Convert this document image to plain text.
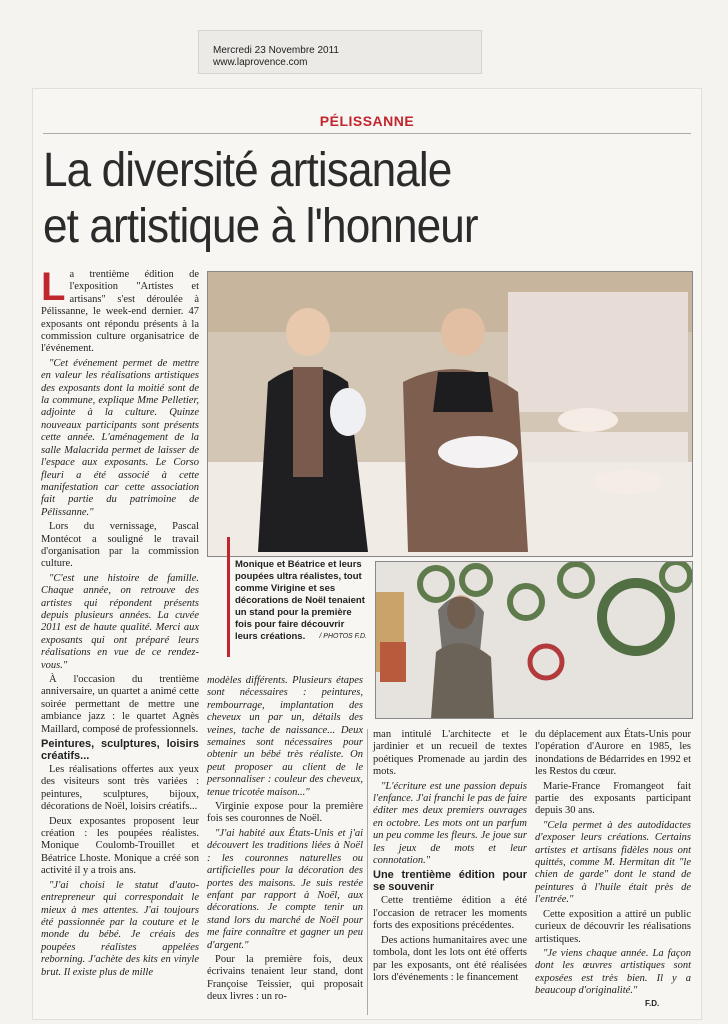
Mercredi 23 Novembre 2011
www.laprovence.com
PÉLISSANNE
La diversité artisanale
et artistique à l'honneur

La trentième édition de l'exposition "Artistes et artisans" s'est déroulée à Pélissanne, le week-end dernier. 47 exposants ont répondu présents à la commission culture organisatrice de l'événement.

"Cet événement permet de mettre en valeur les réalisations artistiques des exposants dont la moitié sont de la commune, explique Mme Pelletier, adjointe à la culture. Quinze nouveaux participants sont présents cette année. L'aménagement de la salle Malacrida permet de laisser de l'espace aux exposants. Le Corso fleuri a été associé à cette manifestation car cette association fait partie du patrimoine de Pélissanne."

Lors du vernissage, Pascal Montécot a souligné le travail d'organisation par la commission culture.

"C'est une histoire de famille. Chaque année, on retrouve des artistes qui répondent présents depuis plusieurs années. La cuvée 2011 est de haute qualité. Merci aux exposants qui ont préparé leurs réalisations en vue de ce rendez-vous."

À l'occasion du trentième anniversaire, un quartet a animé cette soirée permettant de mettre une ambiance jazz : le quartet Agnès Maillard, composé de professionnels.

Peintures, sculptures, loisirs créatifs...

Les réalisations offertes aux yeux des visiteurs sont très variées : peintures, sculptures, bijoux, décorations de Noël, loisirs créatifs...

Deux exposantes proposent leur création : les poupées réalistes. Monique Coulomb-Trouillet et Béatrice Lhoste. Monique a créé son activité il y a trois ans.

"J'ai choisi le statut d'auto-entrepreneur qui correspondait le mieux à mes attentes. J'ai toujours été passionnée par la couture et le monde du bébé. Je créais des poupées réalistes appelées reborning. J'achète des kits en vinyle brut. Il existe plus de mille

Monique et Béatrice et leurs poupées ultra réalistes, tout comme Virigine et ses décorations de Noël tenaient un stand pour la première fois pour faire découvrir leurs créations. / PHOTOS F.D.

modèles différents. Plusieurs étapes sont nécessaires : peintures, rembourrage, implantation des cheveux un par un, détails des veines, tache de naissance... Deux semaines sont nécessaires pour obtenir un bébé très réaliste. On peut proposer au client de le personnaliser : couleur des cheveux, tenue tricotée maison..."

Virginie expose pour la première fois ses couronnes de Noël.

"J'ai habité aux États-Unis et j'ai découvert les traditions liées à Noël : les couronnes naturelles ou artificielles pour la décoration des portes des maisons. Je suis restée enfant par rapport à Noël, aux décorations. Je compte tenir un stand lors du marché de Noël pour me faire connaître et gagner un peu d'argent."

Pour la première fois, deux écrivains tenaient leur stand, dont Françoise Teissier, qui proposait deux livres : un ro-

man intitulé L'architecte et le jardinier et un recueil de textes poétiques Promenade au jardin des mots.

"L'écriture est une passion depuis l'enfance. J'ai franchi le pas de faire éditer mes deux premiers ouvrages en octobre. Les mots ont un parfum un peu comme les fleurs. Je joue sur les jeux de mots et leur connotation."

Une trentième édition pour se souvenir

Cette trentième édition a été l'occasion de retracer les moments forts des expositions précédentes.

Des actions humanitaires avec une tombola, dont les lots ont été offerts par les exposants, ont été réalisées lors d'événements : le financement

du déplacement aux États-Unis pour l'opération d'Aurore en 1985, les inondations de Bédarrides en 1992 et les Restos du cœur.

Marie-France Fromangeot fait partie des exposants participant depuis 30 ans.

"Cela permet à des autodidactes d'exposer leurs créations. Certains artistes et artisans fidèles nous ont quittés, comme M. Hermitan dit "le chien de garde" dont le stand de peintures à l'huile était près de l'entrée."

Cette exposition a attiré un public curieux de découvrir les réalisations artistiques.

"Je viens chaque année. La façon dont les œuvres artistiques sont exposées est très bien. Il y a beaucoup d'originalité."

F.D.
